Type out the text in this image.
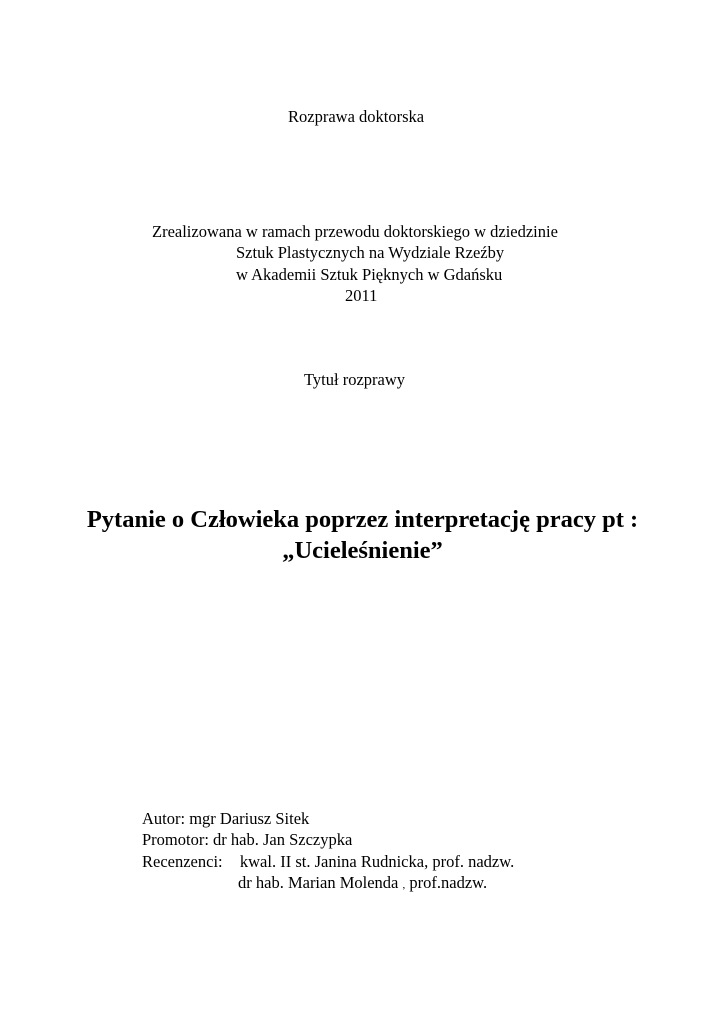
Rozprawa doktorska
Zrealizowana w ramach przewodu doktorskiego w dziedzinie
Sztuk Plastycznych na Wydziale Rzeźby
w Akademii Sztuk Pięknych w Gdańsku
2011
Tytuł rozprawy
Pytanie o Człowieka poprzez interpretację pracy pt :
„Ucieleśnienie”
Autor: mgr Dariusz Sitek
Promotor: dr hab. Jan Szczypka
Recenzenci: kwal. II st. Janina Rudnicka, prof. nadzw.
dr hab. Marian Molenda , prof.nadzw.
